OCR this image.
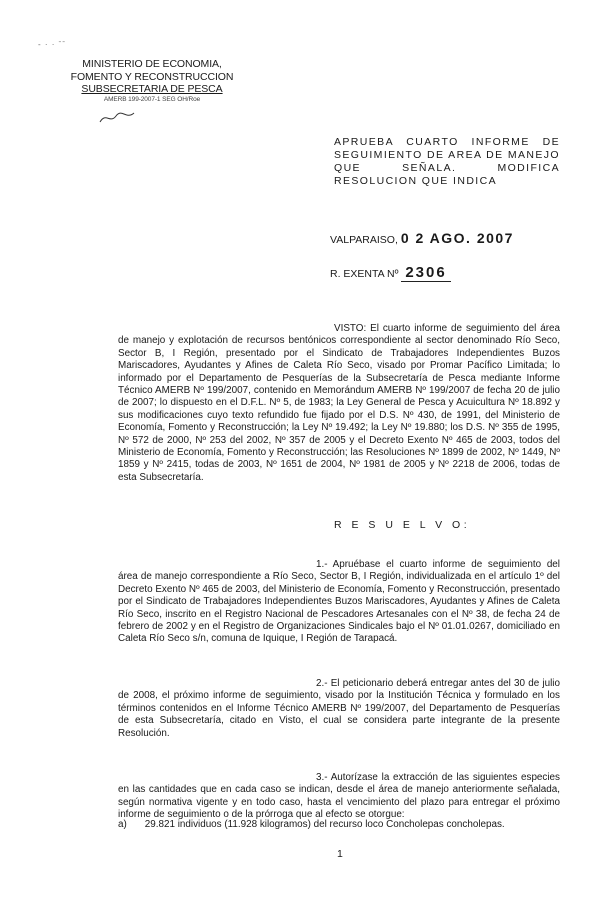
- · · ˉˉ
MINISTERIO DE ECONOMIA,
FOMENTO Y RECONSTRUCCION
SUBSECRETARIA DE PESCA
AMERB 199-2007-1 SEG OH/Roe
APRUEBA CUARTO INFORME DE SEGUIMIENTO DE AREA DE MANEJO QUE SEÑALA. MODIFICA RESOLUCION QUE INDICA
VALPARAISO, 0 2 AGO. 2007
R. EXENTA Nº 2306
VISTO: El cuarto informe de seguimiento del área de manejo y explotación de recursos bentónicos correspondiente al sector denominado Río Seco, Sector B, I Región, presentado por el Sindicato de Trabajadores Independientes Buzos Mariscadores, Ayudantes y Afines de Caleta Río Seco, visado por Promar Pacífico Limitada; lo informado por el Departamento de Pesquerías de la Subsecretaría de Pesca mediante Informe Técnico AMERB Nº 199/2007, contenido en Memorándum AMERB Nº 199/2007 de fecha 20 de julio de 2007; lo dispuesto en el D.F.L. Nº 5, de 1983; la Ley General de Pesca y Acuicultura Nº 18.892 y sus modificaciones cuyo texto refundido fue fijado por el D.S. Nº 430, de 1991, del Ministerio de Economía, Fomento y Reconstrucción; la Ley Nº 19.492; la Ley Nº 19.880; los D.S. Nº 355 de 1995, Nº 572 de 2000, Nº 253 del 2002, Nº 357 de 2005 y el Decreto Exento Nº 465 de 2003, todos del Ministerio de Economía, Fomento y Reconstrucción; las Resoluciones Nº 1899 de 2002, Nº 1449, Nº 1859 y Nº 2415, todas de 2003, Nº 1651 de 2004, Nº 1981 de 2005 y Nº 2218 de 2006, todas de esta Subsecretaría.
R E S U E L V O:
1.- Apruébase el cuarto informe de seguimiento del área de manejo correspondiente a Río Seco, Sector B, I Región, individualizada en el artículo 1º del Decreto Exento Nº 465 de 2003, del Ministerio de Economía, Fomento y Reconstrucción, presentado por el Sindicato de Trabajadores Independientes Buzos Mariscadores, Ayudantes y Afines de Caleta Río Seco, inscrito en el Registro Nacional de Pescadores Artesanales con el Nº 38, de fecha 24 de febrero de 2002 y en el Registro de Organizaciones Sindicales bajo el Nº 01.01.0267, domiciliado en Caleta Río Seco s/n, comuna de Iquique, I Región de Tarapacá.
2.- El peticionario deberá entregar antes del 30 de julio de 2008, el próximo informe de seguimiento, visado por la Institución Técnica y formulado en los términos contenidos en el Informe Técnico AMERB Nº 199/2007, del Departamento de Pesquerías de esta Subsecretaría, citado en Visto, el cual se considera parte integrante de la presente Resolución.
3.- Autorízase la extracción de las siguientes especies en las cantidades que en cada caso se indican, desde el área de manejo anteriormente señalada, según normativa vigente y en todo caso, hasta el vencimiento del plazo para entregar el próximo informe de seguimiento o de la prórroga que al efecto se otorgue:
a) 29.821 individuos (11.928 kilogramos) del recurso loco Concholepas concholepas.
1
